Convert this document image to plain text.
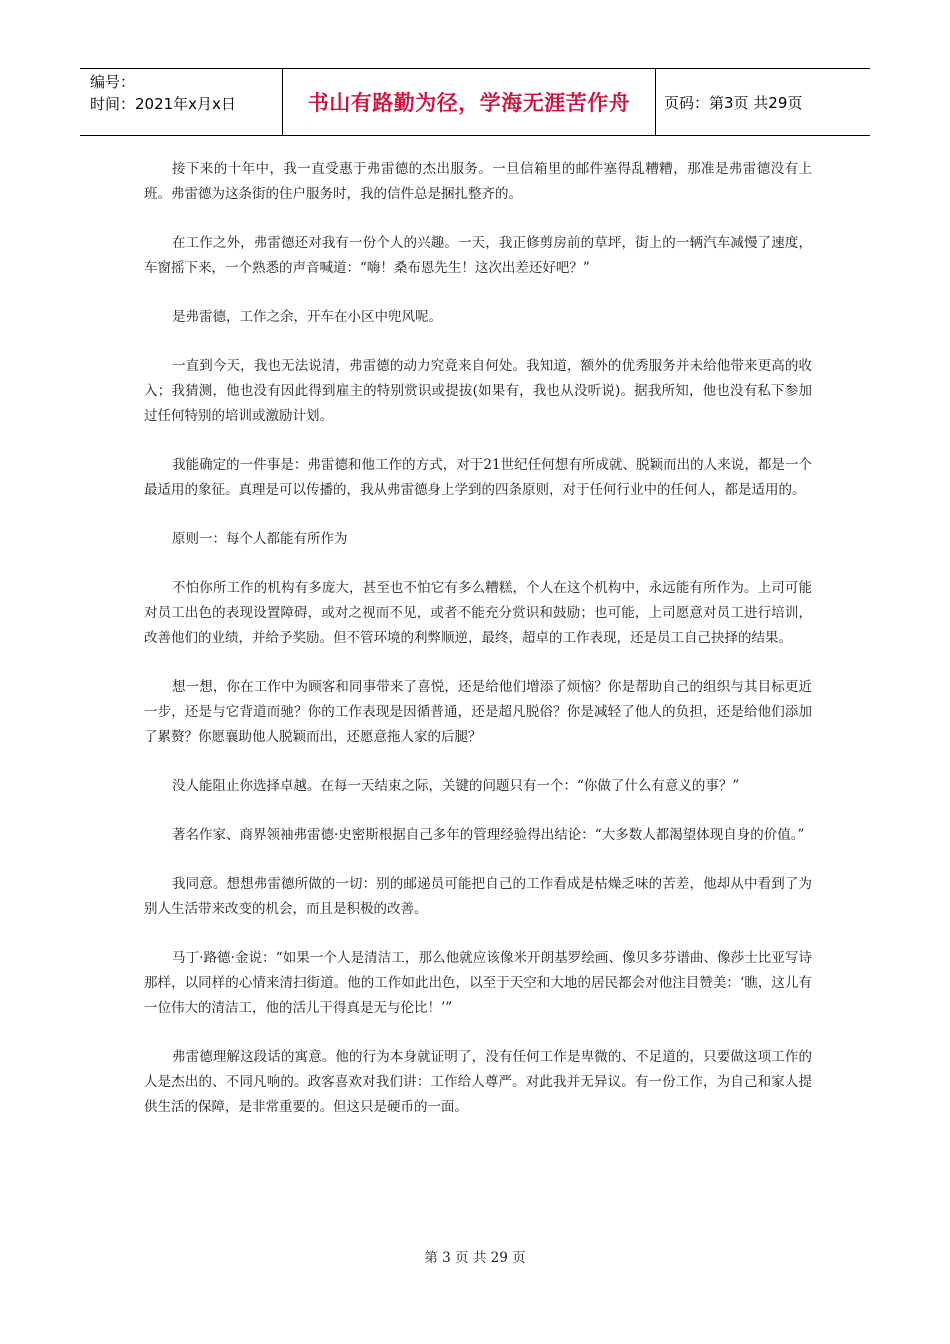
编号：
时间：2021年x月x日	书山有路勤为径，学海无涯苦作舟	页码：第3页 共29页

接下来的十年中，我一直受惠于弗雷德的杰出服务。一旦信箱里的邮件塞得乱糟糟，那准是弗雷德没有上班。弗雷德为这条街的住户服务时，我的信件总是捆扎整齐的。

在工作之外，弗雷德还对我有一份个人的兴趣。一天，我正修剪房前的草坪，街上的一辆汽车减慢了速度，车窗摇下来，一个熟悉的声音喊道：“嗨！桑布恩先生！这次出差还好吧？”

是弗雷德，工作之余，开车在小区中兜风呢。

一直到今天，我也无法说清，弗雷德的动力究竟来自何处。我知道，额外的优秀服务并未给他带来更高的收入；我猜测，他也没有因此得到雇主的特别赏识或提拔(如果有，我也从没听说)。据我所知，他也没有私下参加过任何特别的培训或激励计划。

我能确定的一件事是：弗雷德和他工作的方式，对于21世纪任何想有所成就、脱颖而出的人来说，都是一个最适用的象征。真理是可以传播的，我从弗雷德身上学到的四条原则，对于任何行业中的任何人，都是适用的。

原则一：每个人都能有所作为

不怕你所工作的机构有多庞大，甚至也不怕它有多么糟糕，个人在这个机构中，永远能有所作为。上司可能对员工出色的表现设置障碍，或对之视而不见，或者不能充分赏识和鼓励；也可能，上司愿意对员工进行培训，改善他们的业绩，并给予奖励。但不管环境的利弊顺逆，最终，超卓的工作表现，还是员工自己抉择的结果。

想一想，你在工作中为顾客和同事带来了喜悦，还是给他们增添了烦恼？你是帮助自己的组织与其目标更近一步，还是与它背道而驰？你的工作表现是因循普通，还是超凡脱俗？你是减轻了他人的负担，还是给他们添加了累赘？你愿襄助他人脱颖而出，还愿意拖人家的后腿？

没人能阻止你选择卓越。在每一天结束之际，关键的问题只有一个：“你做了什么有意义的事？”

著名作家、商界领袖弗雷德·史密斯根据自己多年的管理经验得出结论：“大多数人都渴望体现自身的价值。”

我同意。想想弗雷德所做的一切：别的邮递员可能把自己的工作看成是枯燥乏味的苦差，他却从中看到了为别人生活带来改变的机会，而且是积极的改善。

马丁·路德·金说：“如果一个人是清洁工，那么他就应该像米开朗基罗绘画、像贝多芬谱曲、像莎士比亚写诗那样，以同样的心情来清扫街道。他的工作如此出色，以至于天空和大地的居民都会对他注目赞美：‘瞧，这儿有一位伟大的清洁工，他的活儿干得真是无与伦比！’”

弗雷德理解这段话的寓意。他的行为本身就证明了，没有任何工作是卑微的、不足道的，只要做这项工作的人是杰出的、不同凡响的。政客喜欢对我们讲：工作给人尊严。对此我并无异议。有一份工作，为自己和家人提供生活的保障，是非常重要的。但这只是硬币的一面。

第 3 页 共 29 页
